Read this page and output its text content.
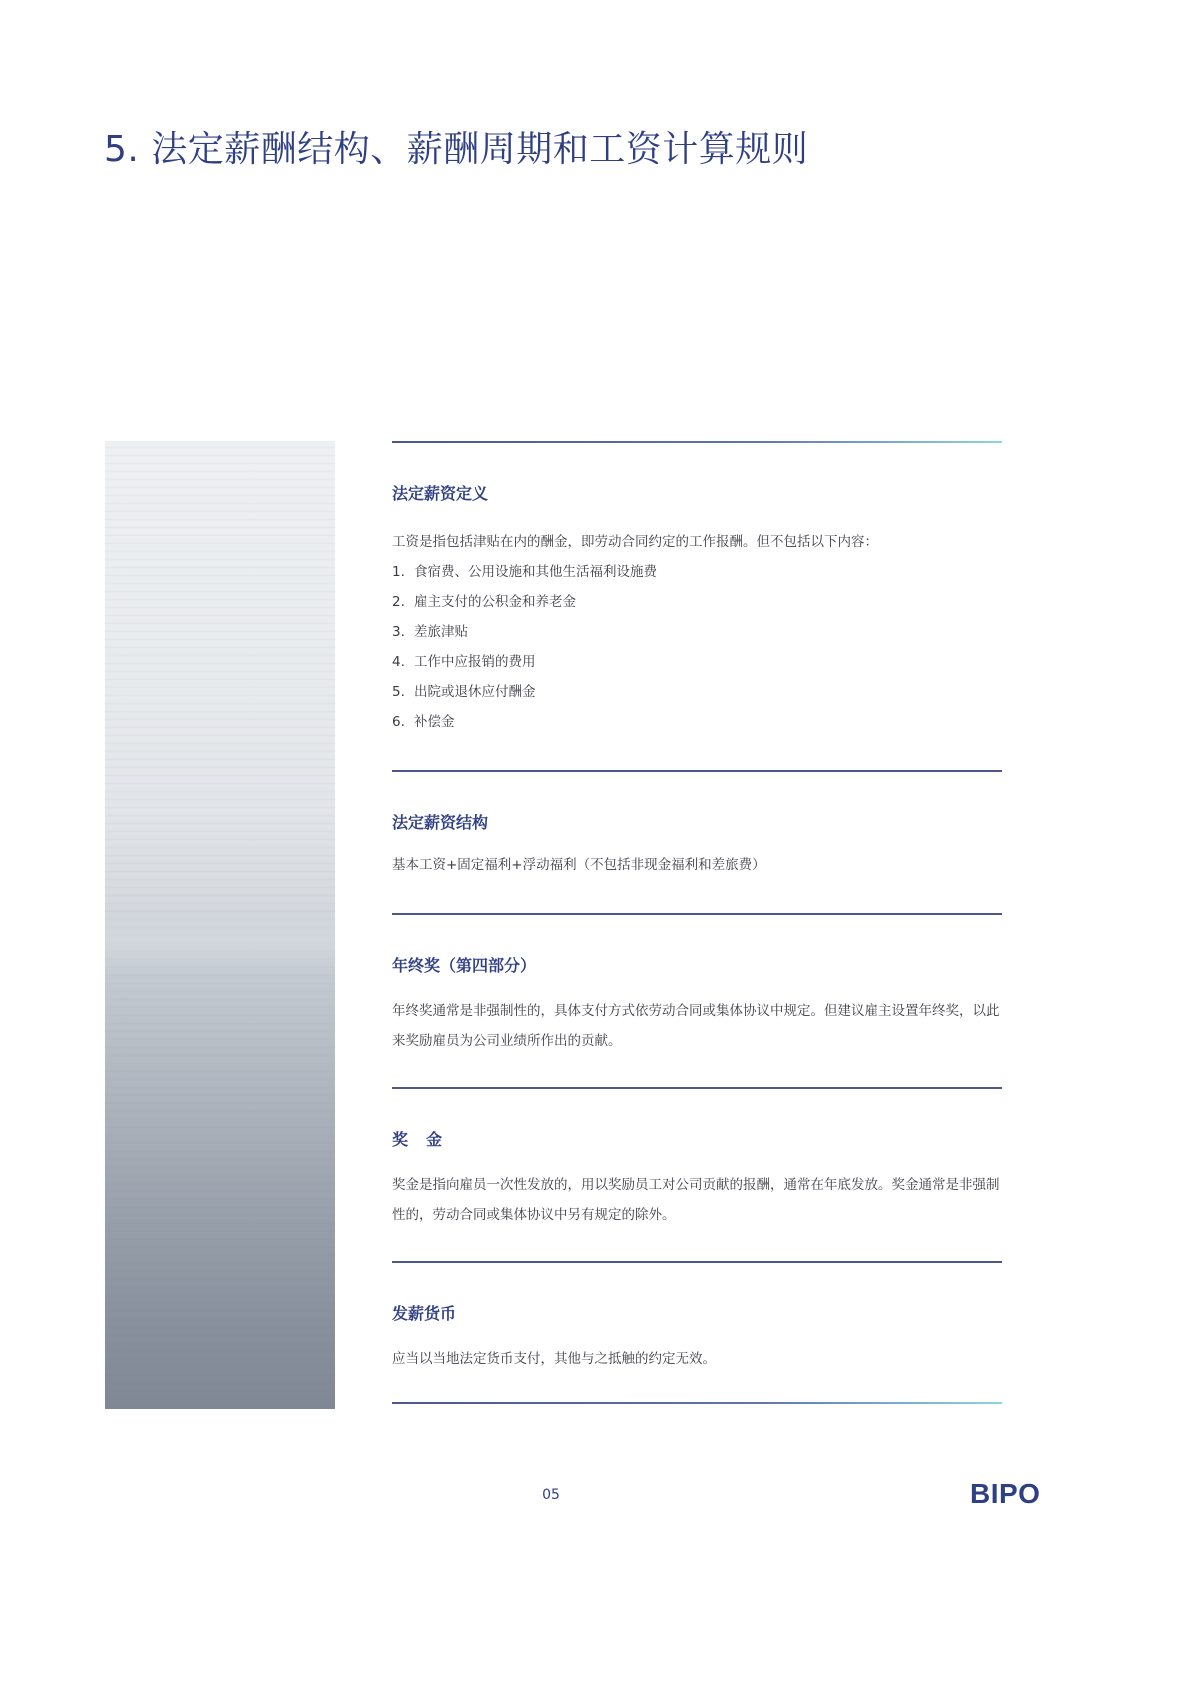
5. 法定薪酬结构、薪酬周期和工资计算规则
法定薪资定义

工资是指包括津贴在内的酬金，即劳动合同约定的工作报酬。但不包括以下内容：

1. 食宿费、公用设施和其他生活福利设施费
2. 雇主支付的公积金和养老金
3. 差旅津贴
4. 工作中应报销的费用
5. 出院或退休应付酬金
6. 补偿金
法定薪资结构

基本工资+固定福利+浮动福利（不包括非现金福利和差旅费）

年终奖（第四部分）

年终奖通常是非强制性的，具体支付方式依劳动合同或集体协议中规定。但建议雇主设置年终奖，以此来奖励雇员为公司业绩所作出的贡献。

奖金

奖金是指向雇员一次性发放的，用以奖励员工对公司贡献的报酬，通常在年底发放。奖金通常是非强制性的，劳动合同或集体协议中另有规定的除外。

发薪货币

应当以当地法定货币支付，其他与之抵触的约定无效。

05	BIPO
